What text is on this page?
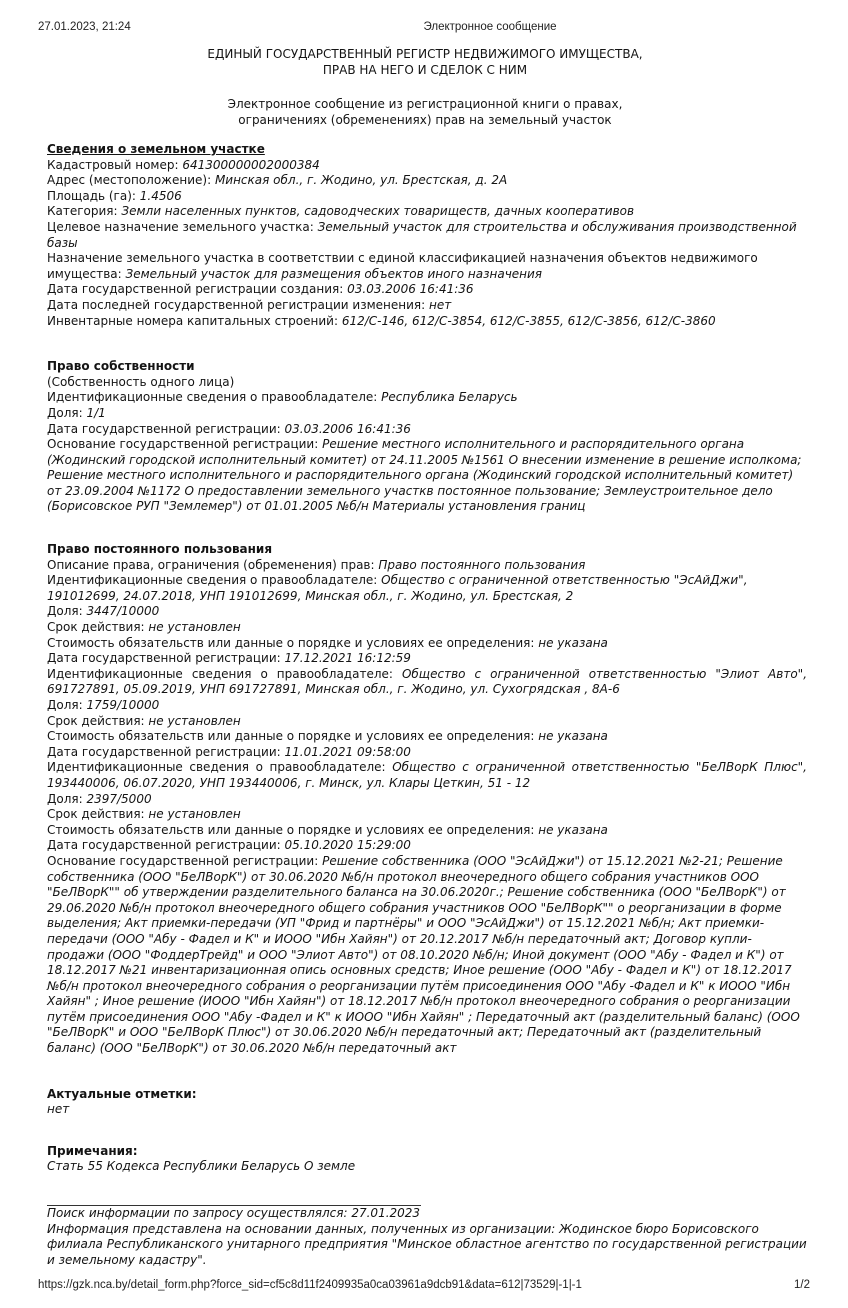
27.01.2023, 21:24	Электронное сообщение
ЕДИНЫЙ ГОСУДАРСТВЕННЫЙ РЕГИСТР НЕДВИЖИМОГО ИМУЩЕСТВА,
ПРАВ НА НЕГО И СДЕЛОК С НИМ
Электронное сообщение из регистрационной книги о правах,
ограничениях (обременениях) прав на земельный участок
Сведения о земельном участке
Кадастровый номер: 641300000002000384
Адрес (местоположение): Минская обл., г. Жодино, ул. Брестская, д. 2А
Площадь (га): 1.4506
Категория: Земли населенных пунктов, садоводческих товариществ, дачных кооперативов
Целевое назначение земельного участка: Земельный участок для строительства и обслуживания производственной базы
Назначение земельного участка в соответствии с единой классификацией назначения объектов недвижимого имущества: Земельный участок для размещения объектов иного назначения
Дата государственной регистрации создания: 03.03.2006 16:41:36
Дата последней государственной регистрации изменения: нет
Инвентарные номера капитальных строений: 612/C-146, 612/C-3854, 612/C-3855, 612/C-3856, 612/C-3860
Право собственности
(Собственность одного лица)
Идентификационные сведения о правообладателе: Республика Беларусь
Доля: 1/1
Дата государственной регистрации: 03.03.2006 16:41:36
Основание государственной регистрации: Решение местного исполнительного и распорядительного органа (Жодинский городской исполнительный комитет) от 24.11.2005 №1561 О внесении изменение в решение исполкома; Решение местного исполнительного и распорядительного органа (Жодинский городской исполнительный комитет) от 23.09.2004 №1172 О предоставлении земельного участкв постоянное пользование; Землеустроительное дело (Борисовское РУП "Землемер") от 01.01.2005 №б/н Материалы установления границ
Право постоянного пользования
Описание права, ограничения (обременения) прав: Право постоянного пользования
Идентификационные сведения о правообладателе: Общество с ограниченной ответственностью "ЭсАйДжи", 191012699, 24.07.2018, УНП 191012699, Минская обл., г. Жодино, ул. Брестская, 2
Доля: 3447/10000
Срок действия: не установлен
Стоимость обязательств или данные о порядке и условиях ее определения: не указана
Дата государственной регистрации: 17.12.2021 16:12:59
Идентификационные сведения о правообладателе: Общество с ограниченной ответственностью "Элиот Авто", 691727891, 05.09.2019, УНП 691727891, Минская обл., г. Жодино, ул. Сухогрядская , 8А-6
Доля: 1759/10000
Срок действия: не установлен
Стоимость обязательств или данные о порядке и условиях ее определения: не указана
Дата государственной регистрации: 11.01.2021 09:58:00
Идентификационные сведения о правообладателе: Общество с ограниченной ответственностью "БеЛВорК Плюс", 193440006, 06.07.2020, УНП 193440006, г. Минск, ул. Клары Цеткин, 51 - 12
Доля: 2397/5000
Срок действия: не установлен
Стоимость обязательств или данные о порядке и условиях ее определения: не указана
Дата государственной регистрации: 05.10.2020 15:29:00
Основание государственной регистрации: Решение собственника (ООО "ЭсАйДжи") от 15.12.2021 №2-21; Решение собственника (ООО "БеЛВорК") от 30.06.2020 №б/н протокол внеочередного общего собрания участников ООО "БеЛВорК"" об утверждении разделительного баланса на 30.06.2020г.; Решение собственника (ООО "БеЛВорК") от 29.06.2020 №б/н протокол внеочередного общего собрания участников ООО "БеЛВорК"" о реорганизации в форме выделения; Акт приемки-передачи (УП "Фрид и партнёры" и ООО "ЭсАйДжи") от 15.12.2021 №б/н; Акт приемки-передачи (ООО "Абу - Фадел и К" и ИООО "Ибн Хайян") от 20.12.2017 №б/н передаточный акт; Договор купли-продажи (ООО "ФоддерТрейд" и ООО "Элиот Авто") от 08.10.2020 №б/н; Иной документ (ООО "Абу - Фадел и К") от 18.12.2017 №21 инвентаризационная опись основных средств; Иное решение (ООО "Абу - Фадел и К") от 18.12.2017 №б/н протокол внеочередного собрания о реорганизации путём присоединения ООО "Абу -Фадел и К" к ИООО "Ибн Хайян" ; Иное решение (ИООО "Ибн Хайян") от 18.12.2017 №б/н протокол внеочередного собрания о реорганизации путём присоединения ООО "Абу -Фадел и К" к ИООО "Ибн Хайян" ; Передаточный акт (разделительный баланс) (ООО "БеЛВорК" и ООО "БеЛВорК Плюс") от 30.06.2020 №б/н передаточный акт; Передаточный акт (разделительный баланс) (ООО "БеЛВорК") от 30.06.2020 №б/н передаточный акт
Актуальные отметки:
нет
Примечания:
Стать 55 Кодекса Республики Беларусь О земле
Поиск информации по запросу осуществлялся: 27.01.2023
Информация представлена на основании данных, полученных из организации: Жодинское бюро Борисовского филиала Республиканского унитарного предприятия "Минское областное агентство по государственной регистрации и земельному кадастру".
https://gzk.nca.by/detail_form.php?force_sid=cf5c8d11f2409935a0ca03961a9dcb91&data=612|73529|-1|-1	1/2
